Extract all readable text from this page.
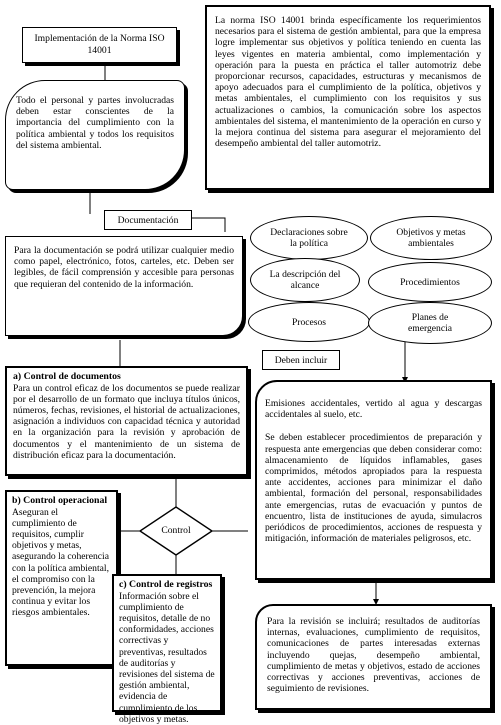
Implementación de la Norma ISO 14001
La norma ISO 14001 brinda específicamente los requerimientos necesarios para el sistema de gestión ambiental, para que la empresa logre implementar sus objetivos y política teniendo en cuenta las leyes vigentes en materia ambiental, como implementación y operación para la puesta en práctica el taller automotriz debe proporcionar recursos, capacidades, estructuras y mecanismos de apoyo adecuados para el cumplimiento de la política, objetivos y metas ambientales, el cumplimiento con los requisitos y sus actualizaciones o cambios, la comunicación sobre los aspectos ambientales del sistema, el mantenimiento de la operación en curso y la mejora continua del sistema para asegurar el mejoramiento del desempeño ambiental del taller automotriz.
Todo el personal y partes involucradas deben estar conscientes de la importancia del cumplimiento con la política ambiental y todos los requisitos del sistema ambiental.
Documentación
Para la documentación se podrá utilizar cualquier medio como papel, electrónico, fotos, carteles, etc. Deben ser legibles, de fácil comprensión y accesible para personas que requieran del contenido de la información.
Declaraciones sobre la política
Objetivos y metas ambientales
La descripción del alcance	Procedimientos
Procesos	Planes de emergencia
Deben incluir
a) Control de documentos
Para un control eficaz de los documentos se puede realizar por el desarrollo de un formato que incluya títulos únicos, números, fechas, revisiones, el historial de actualizaciones, asignación a individuos con capacidad técnica y autoridad en la organización para la revisión y aprobación de documentos y el mantenimiento de un sistema de distribución eficaz para la documentación.
Emisiones accidentales, vertido al agua y descargas accidentales al suelo, etc.
Se deben establecer procedimientos de preparación y respuesta ante emergencias que deben considerar como: almacenamiento de líquidos inflamables, gases comprimidos, métodos apropiados para la respuesta ante accidentes, acciones para minimizar el daño ambiental, formación del personal, responsabilidades ante emergencias, rutas de evacuación y puntos de encuentro, lista de instituciones de ayuda, simulacros periódicos de procedimientos, acciones de respuesta y mitigación, información de materiales peligrosos, etc.
b) Control operacional
Aseguran el cumplimiento de requisitos, cumplir objetivos y metas, asegurando la coherencia con la política ambiental, el compromiso con la prevención, la mejora continua y evitar los riesgos ambientales.
Control
c) Control de registros
Información sobre el cumplimiento de requisitos, detalle de no conformidades, acciones correctivas y preventivas, resultados de auditorías y revisiones del sistema de gestión ambiental, evidencia de cumplimiento de los objetivos y metas.
Para la revisión se incluirá; resultados de auditorías internas, evaluaciones, cumplimiento de requisitos, comunicaciones de partes interesadas externas incluyendo quejas, desempeño ambiental, cumplimiento de metas y objetivos, estado de acciones correctivas y acciones preventivas, acciones de seguimiento de revisiones.
